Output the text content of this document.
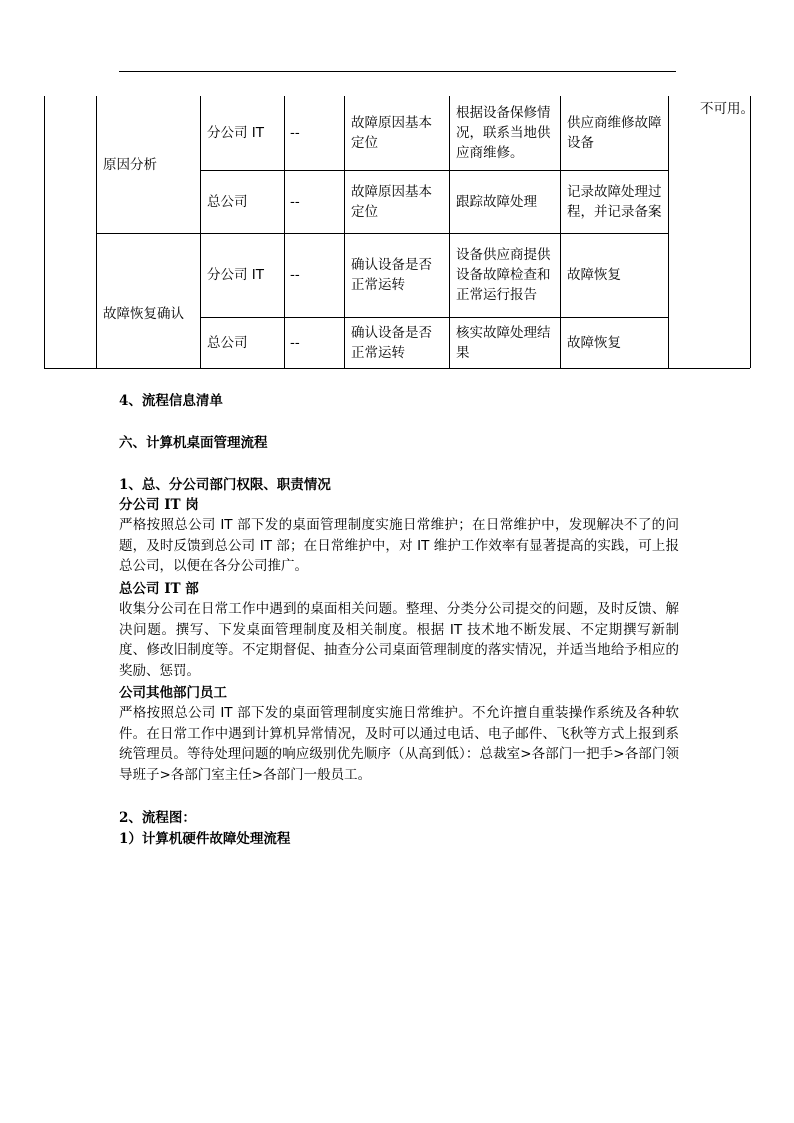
不可用。
原因分析
分公司 IT --
故障原因基本定位
根据设备保修情况，联系当地供应商维修。
供应商维修故障设备
总公司	--
故障原因基本定位
跟踪故障处理
记录故障处理过程，并记录备案
故障恢复确认
分公司 IT --
确认设备是否正常运转
设备供应商提供设备故障检查和正常运行报告
故障恢复
总公司	--
确认设备是否正常运转
核实故障处理结果
故障恢复
4、流程信息清单
六、计算机桌面管理流程
1、总、分公司部门权限、职责情况
分公司 IT 岗
严格按照总公司 IT 部下发的桌面管理制度实施日常维护；在日常维护中，发现解决不了的问题，及时反馈到总公司 IT 部；在日常维护中，对 IT 维护工作效率有显著提高的实践，可上报总公司，以便在各分公司推广。
总公司 IT 部
收集分公司在日常工作中遇到的桌面相关问题。整理、分类分公司提交的问题，及时反馈、解决问题。撰写、下发桌面管理制度及相关制度。根据 IT 技术地不断发展、不定期撰写新制度、修改旧制度等。不定期督促、抽查分公司桌面管理制度的落实情况，并适当地给予相应的奖励、惩罚。
公司其他部门员工
严格按照总公司 IT 部下发的桌面管理制度实施日常维护。不允许擅自重装操作系统及各种软件。在日常工作中遇到计算机异常情况，及时可以通过电话、电子邮件、飞秋等方式上报到系统管理员。等待处理问题的响应级别优先顺序（从高到低）：总裁室>各部门一把手>各部门领导班子>各部门室主任>各部门一般员工。
2、流程图：
1）计算机硬件故障处理流程
